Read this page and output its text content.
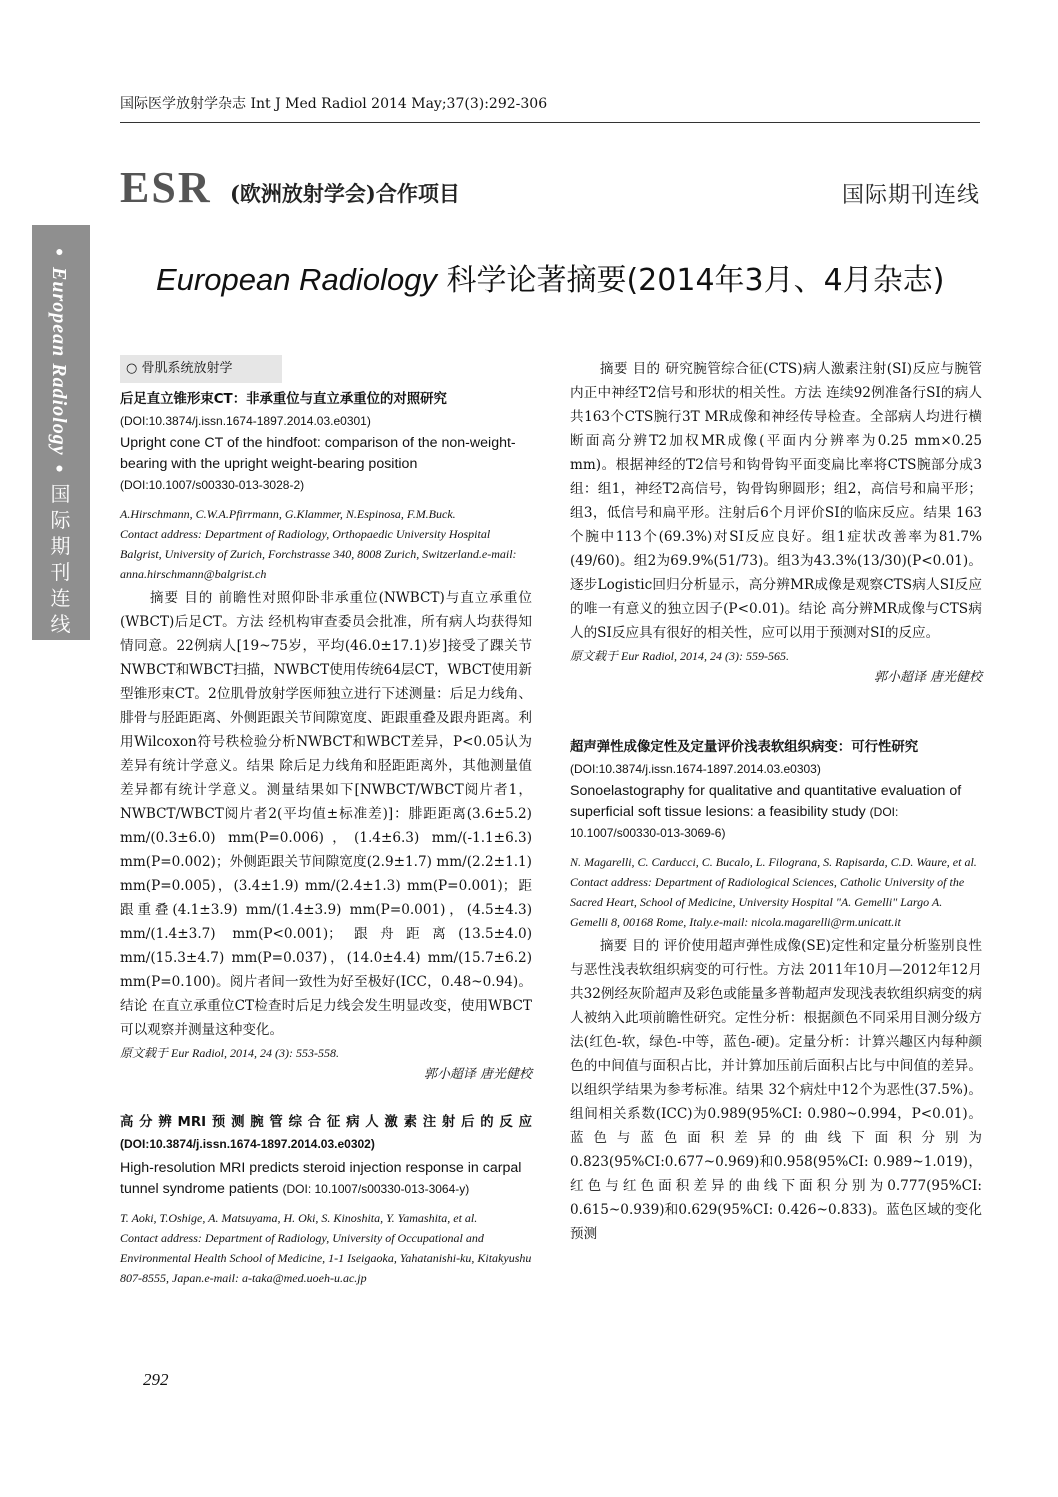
国际医学放射学杂志 Int J Med Radiol 2014 May;37(3):292-306
ESR (欧洲放射学会)合作项目	国际期刊连线
● European Radiology ● 国际期刊连线
European Radiology 科学论著摘要(2014年3月、4月杂志)
○ 骨肌系统放射学
后足直立锥形束CT：非承重位与直立承重位的对照研究
(DOI:10.3874/j.issn.1674-1897.2014.03.e0301)
Upright cone CT of the hindfoot: comparison of the non-weight-bearing with the upright weight-bearing position (DOI:10.1007/s00330-013-3028-2)
A.Hirschmann, C.W.A.Pfirrmann, G.Klammer, N.Espinosa, F.M.Buck.
Contact address: Department of Radiology, Orthopaedic University Hospital Balgrist, University of Zurich, Forchstrasse 340, 8008 Zurich, Switzerland.e-mail: anna.hirschmann@balgrist.ch
摘要 目的 前瞻性对照仰卧非承重位(NWBCT)与直立承重位(WBCT)后足CT。方法 经机构审查委员会批准，所有病人均获得知情同意。22例病人[19~75岁，平均(46.0±17.1)岁]接受了踝关节NWBCT和WBCT扫描，NWBCT使用传统64层CT，WBCT使用新型锥形束CT。2位肌骨放射学医师独立进行下述测量：后足力线角、腓骨与胫距距离、外侧距跟关节间隙宽度、距跟重叠及跟舟距离。利用Wilcoxon符号秩检验分析NWBCT和WBCT差异，P<0.05认为差异有统计学意义。结果 除后足力线角和胫距距离外，其他测量值差异都有统计学意义。测量结果如下[NWBCT/WBCT阅片者1，NWBCT/WBCT阅片者2(平均值±标准差)]：腓距距离(3.6±5.2) mm/(0.3±6.0) mm(P=0.006)，(1.4±6.3) mm/(-1.1±6.3) mm(P=0.002)；外侧距跟关节间隙宽度(2.9±1.7) mm/(2.2±1.1) mm(P=0.005)，(3.4±1.9) mm/(2.4±1.3) mm(P=0.001)；距跟重叠(4.1±3.9) mm/(1.4±3.9) mm(P=0.001)，(4.5±4.3) mm/(1.4±3.7) mm(P<0.001)；跟舟距离(13.5±4.0) mm/(15.3±4.7) mm(P=0.037)，(14.0±4.4) mm/(15.7±6.2) mm(P=0.100)。阅片者间一致性为好至极好(ICC，0.48~0.94)。结论 在直立承重位CT检查时后足力线会发生明显改变，使用WBCT可以观察并测量这种变化。
原文载于 Eur Radiol, 2014, 24 (3): 553-558.
郭小超译 唐光健校
高分辨MRI预测腕管综合征病人激素注射后的反应(DOI:10.3874/j.issn.1674-1897.2014.03.e0302)
High-resolution MRI predicts steroid injection response in carpal tunnel syndrome patients (DOI: 10.1007/s00330-013-3064-y)
T. Aoki, T.Oshige, A. Matsuyama, H. Oki, S. Kinoshita, Y. Yamashita, et al.
Contact address: Department of Radiology, University of Occupational and Environmental Health School of Medicine, 1-1 Iseigaoka, Yahatanishi-ku, Kitakyushu 807-8555, Japan.e-mail: a-taka@med.uoeh-u.ac.jp
摘要 目的 研究腕管综合征(CTS)病人激素注射(SI)反应与腕管内正中神经T2信号和形状的相关性。方法 连续92例准备行SI的病人共163个CTS腕行3T MR成像和神经传导检查。全部病人均进行横断面高分辨T2加权MR成像(平面内分辨率为0.25 mm×0.25 mm)。根据神经的T2信号和钩骨钩平面变扁比率将CTS腕部分成3组：组1，神经T2高信号，钩骨钩卵圆形；组2，高信号和扁平形；组3，低信号和扁平形。注射后6个月评价SI的临床反应。结果 163个腕中113个(69.3%)对SI反应良好。组1症状改善率为81.7%(49/60)。组2为69.9%(51/73)。组3为43.3%(13/30)(P<0.01)。逐步Logistic回归分析显示，高分辨MR成像是观察CTS病人SI反应的唯一有意义的独立因子(P<0.01)。结论 高分辨MR成像与CTS病人的SI反应具有很好的相关性，应可以用于预测对SI的反应。
原文载于 Eur Radiol, 2014, 24 (3): 559-565.
郭小超译 唐光健校
超声弹性成像定性及定量评价浅表软组织病变：可行性研究
(DOI:10.3874/j.issn.1674-1897.2014.03.e0303)
Sonoelastography for qualitative and quantitative evaluation of superficial soft tissue lesions: a feasibility study (DOI: 10.1007/s00330-013-3069-6)
N. Magarelli, C. Carducci, C. Bucalo, L. Filograna, S. Rapisarda, C.D. Waure, et al.
Contact address: Department of Radiological Sciences, Catholic University of the Sacred Heart, School of Medicine, University Hospital "A. Gemelli" Largo A. Gemelli 8, 00168 Rome, Italy.e-mail: nicola.magarelli@rm.unicatt.it
摘要 目的 评价使用超声弹性成像(SE)定性和定量分析鉴别良性与恶性浅表软组织病变的可行性。方法 2011年10月—2012年12月共32例经灰阶超声及彩色或能量多普勒超声发现浅表软组织病变的病人被纳入此项前瞻性研究。定性分析：根据颜色不同采用目测分级方法(红色-软，绿色-中等，蓝色-硬)。定量分析：计算兴趣区内每种颜色的中间值与面积占比，并计算加压前后面积占比与中间值的差异。以组织学结果为参考标准。结果 32个病灶中12个为恶性(37.5%)。组间相关系数(ICC)为0.989(95%CI: 0.980~0.994，P<0.01)。蓝色与蓝色面积差异的曲线下面积分别为0.823(95%CI:0.677~0.969)和0.958(95%CI: 0.989~1.019)，红色与红色面积差异的曲线下面积分别为0.777(95%CI: 0.615~0.939)和0.629(95%CI: 0.426~0.833)。蓝色区域的变化预测
292
